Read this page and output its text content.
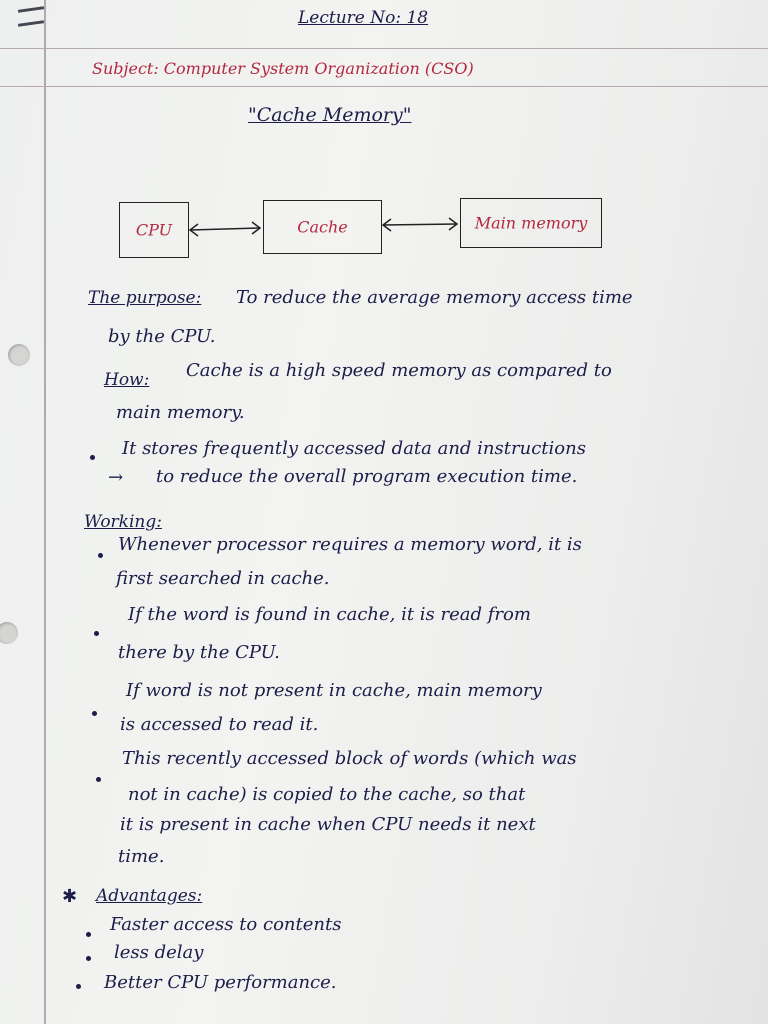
Lecture No: 18
Subject: Computer System Organization (CSO)
"Cache Memory"
CPU	Cache	Main memory
The purpose: To reduce the average memory access time
by the CPU.
How: Cache is a high speed memory as compared to
main memory.
It stores frequently accessed data and instructions
→ to reduce the overall program execution time.
Working:
Whenever processor requires a memory word, it is
first searched in cache.
If the word is found in cache, it is read from
there by the CPU.
If word is not present in cache, main memory
is accessed to read it.
This recently accessed block of words (which was
not in cache) is copied to the cache, so that
it is present in cache when CPU needs it next
time.
✱ Advantages:
Faster access to contents
less delay
Better CPU performance.
